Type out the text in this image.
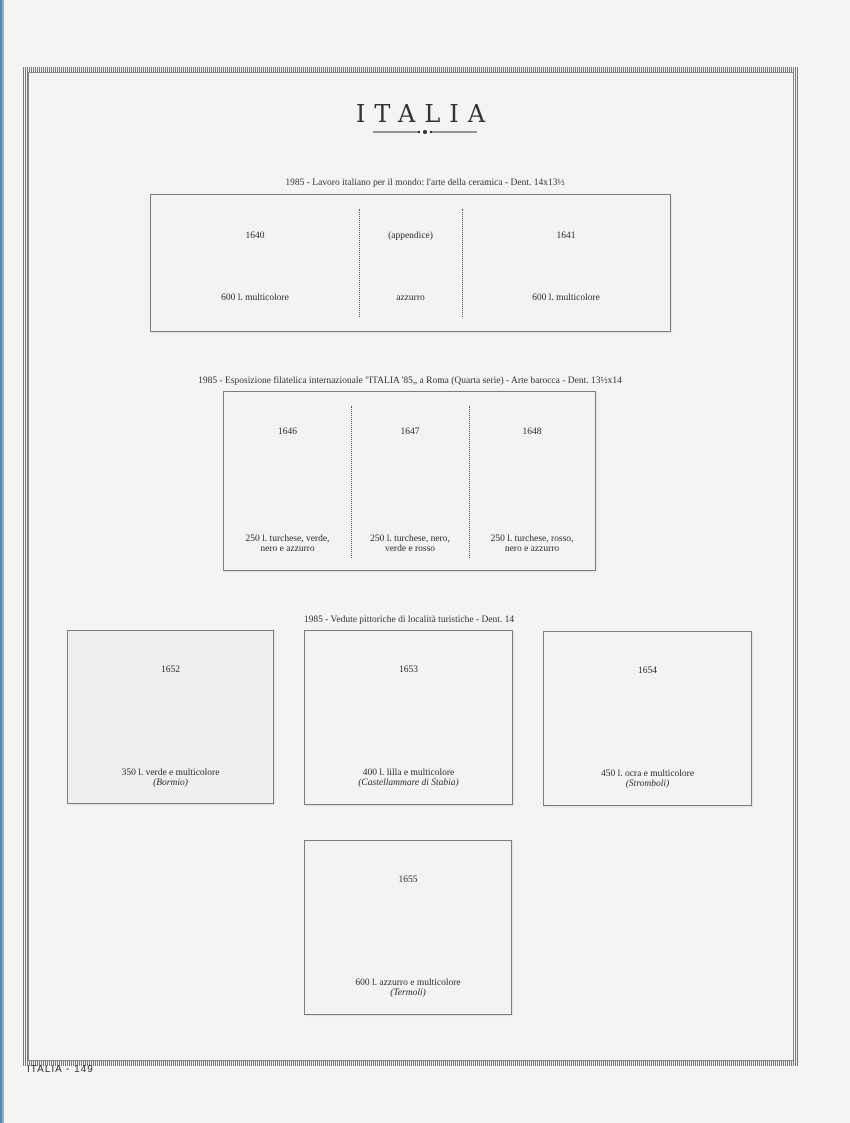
ITALIA
1985 - Lavoro italiano per il mondo: l'arte della ceramica - Dent. 14x13½
1640
600 l. multicolore
(appendice)
azzurro
1641
600 l. multicolore
1985 - Esposizione filatelica internazionale "ITALIA '85„ a Roma (Quarta serie) - Arte barocca - Dent. 13½x14
1646
250 l. turchese, verde,
nero e azzurro
1647
250 l. turchese, nero,
verde e rosso
1648
250 l. turchese, rosso,
nero e azzurro
1985 - Vedute pittoriche di località turistiche - Dent. 14
1652
350 l. verde e multicolore
(Bormio)
1653
400 l. lilla e multicolore
(Castellammare di Stabia)
1654
450 l. ocra e multicolore
(Stromboli)
1655
600 l. azzurro e multicolore
(Termoli)
ITALIA - 149
